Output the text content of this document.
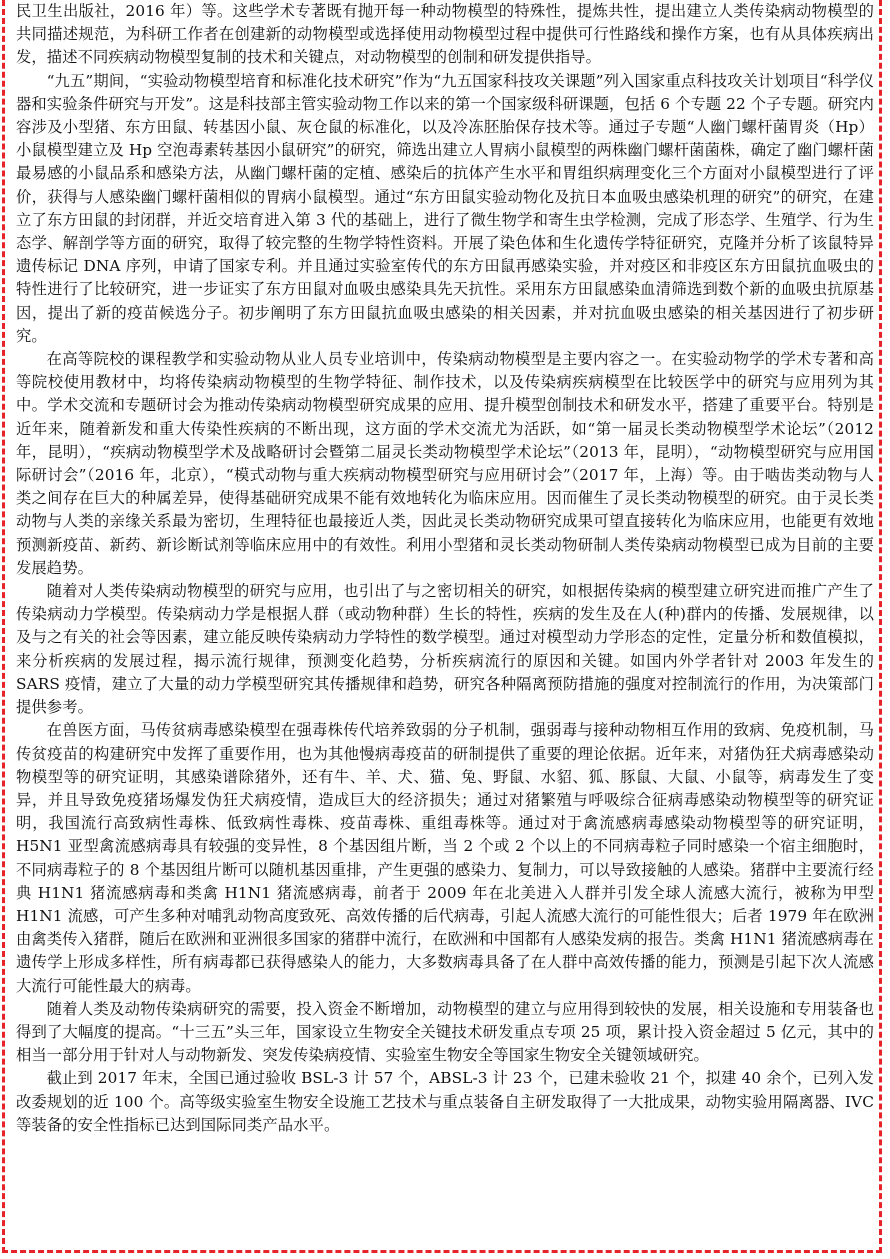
民卫生出版社，2016 年）等。这些学术专著既有抛开每一种动物模型的特殊性，提炼共性，提出建立人类传染病动物模型的共同描述规范，为科研工作者在创建新的动物模型或选择使用动物模型过程中提供可行性路线和操作方案，也有从具体疾病出发，描述不同疾病动物模型复制的技术和关键点，对动物模型的创制和研发提供指导。

“九五”期间，“实验动物模型培育和标准化技术研究”作为“九五国家科技攻关课题”列入国家重点科技攻关计划项目“科学仪器和实验条件研究与开发”。这是科技部主管实验动物工作以来的第一个国家级科研课题，包括 6 个专题 22 个子专题。研究内容涉及小型猪、东方田鼠、转基因小鼠、灰仓鼠的标准化，以及冷冻胚胎保存技术等。通过子专题“人幽门螺杆菌胃炎（Hp）小鼠模型建立及 Hp 空泡毒素转基因小鼠研究”的研究，筛选出建立人胃病小鼠模型的两株幽门螺杆菌菌株，确定了幽门螺杆菌最易感的小鼠品系和感染方法，从幽门螺杆菌的定植、感染后的抗体产生水平和胃组织病理变化三个方面对小鼠模型进行了评价，获得与人感染幽门螺杆菌相似的胃病小鼠模型。通过“东方田鼠实验动物化及抗日本血吸虫感染机理的研究”的研究，在建立了东方田鼠的封闭群，并近交培育进入第 3 代的基础上，进行了微生物学和寄生虫学检测，完成了形态学、生殖学、行为生态学、解剖学等方面的研究，取得了较完整的生物学特性资料。开展了染色体和生化遗传学特征研究，克隆并分析了该鼠特异遗传标记 DNA 序列，申请了国家专利。并且通过实验室传代的东方田鼠再感染实验，并对疫区和非疫区东方田鼠抗血吸虫的特性进行了比较研究，进一步证实了东方田鼠对血吸虫感染具先天抗性。采用东方田鼠感染血清筛选到数个新的血吸虫抗原基因，提出了新的疫苗候选分子。初步阐明了东方田鼠抗血吸虫感染的相关因素，并对抗血吸虫感染的相关基因进行了初步研究。

在高等院校的课程教学和实验动物从业人员专业培训中，传染病动物模型是主要内容之一。在实验动物学的学术专著和高等院校使用教材中，均将传染病动物模型的生物学特征、制作技术，以及传染病疾病模型在比较医学中的研究与应用列为其中。学术交流和专题研讨会为推动传染病动物模型研究成果的应用、提升模型创制技术和研发水平，搭建了重要平台。特别是近年来，随着新发和重大传染性疾病的不断出现，这方面的学术交流尤为活跃，如“第一届灵长类动物模型学术论坛”（2012 年，昆明），“疾病动物模型学术及战略研讨会暨第二届灵长类动物模型学术论坛”（2013 年，昆明），“动物模型研究与应用国际研讨会”（2016 年，北京），“模式动物与重大疾病动物模型研究与应用研讨会”（2017 年，上海）等。由于啮齿类动物与人类之间存在巨大的种属差异，使得基础研究成果不能有效地转化为临床应用。因而催生了灵长类动物模型的研究。由于灵长类动物与人类的亲缘关系最为密切，生理特征也最接近人类，因此灵长类动物研究成果可望直接转化为临床应用，也能更有效地预测新疫苗、新药、新诊断试剂等临床应用中的有效性。利用小型猪和灵长类动物研制人类传染病动物模型已成为目前的主要发展趋势。

随着对人类传染病动物模型的研究与应用，也引出了与之密切相关的研究，如根据传染病的模型建立研究进而推广产生了传染病动力学模型。传染病动力学是根据人群（或动物种群）生长的特性，疾病的发生及在人(种)群内的传播、发展规律，以及与之有关的社会等因素，建立能反映传染病动力学特性的数学模型。通过对模型动力学形态的定性，定量分析和数值模拟，来分析疾病的发展过程，揭示流行规律，预测变化趋势，分析疾病流行的原因和关键。如国内外学者针对 2003 年发生的 SARS 疫情，建立了大量的动力学模型研究其传播规律和趋势，研究各种隔离预防措施的强度对控制流行的作用，为决策部门提供参考。

在兽医方面，马传贫病毒感染模型在强毒株传代培养致弱的分子机制，强弱毒与接种动物相互作用的致病、免疫机制，马传贫疫苗的构建研究中发挥了重要作用，也为其他慢病毒疫苗的研制提供了重要的理论依据。近年来，对猪伪狂犬病毒感染动物模型等的研究证明，其感染谱除猪外，还有牛、羊、犬、猫、兔、野鼠、水貂、狐、豚鼠、大鼠、小鼠等，病毒发生了变异，并且导致免疫猪场爆发伪狂犬病疫情，造成巨大的经济损失；通过对猪繁殖与呼吸综合征病毒感染动物模型等的研究证明，我国流行高致病性毒株、低致病性毒株、疫苗毒株、重组毒株等。通过对于禽流感病毒感染动物模型等的研究证明，H5N1 亚型禽流感病毒具有较强的变异性，8 个基因组片断，当 2 个或 2 个以上的不同病毒粒子同时感染一个宿主细胞时，不同病毒粒子的 8 个基因组片断可以随机基因重排，产生更强的感染力、复制力，可以导致接触的人感染。猪群中主要流行经典 H1N1 猪流感病毒和类禽 H1N1 猪流感病毒，前者于 2009 年在北美进入人群并引发全球人流感大流行，被称为甲型 H1N1 流感，可产生多种对哺乳动物高度致死、高效传播的后代病毒，引起人流感大流行的可能性很大；后者 1979 年在欧洲由禽类传入猪群，随后在欧洲和亚洲很多国家的猪群中流行，在欧洲和中国都有人感染发病的报告。类禽 H1N1 猪流感病毒在遗传学上形成多样性，所有病毒都已获得感染人的能力，大多数病毒具备了在人群中高效传播的能力，预测是引起下次人流感大流行可能性最大的病毒。

随着人类及动物传染病研究的需要，投入资金不断增加，动物模型的建立与应用得到较快的发展，相关设施和专用装备也得到了大幅度的提高。“十三五”头三年，国家设立生物安全关键技术研发重点专项 25 项，累计投入资金超过 5 亿元，其中的相当一部分用于针对人与动物新发、突发传染病疫情、实验室生物安全等国家生物安全关键领域研究。

截止到 2017 年末，全国已通过验收 BSL-3 计 57 个，ABSL-3 计 23 个，已建未验收 21 个，拟建 40 余个，已列入发改委规划的近 100 个。高等级实验室生物安全设施工艺技术与重点装备自主研发取得了一大批成果，动物实验用隔离器、IVC 等装备的安全性指标已达到国际同类产品水平。
